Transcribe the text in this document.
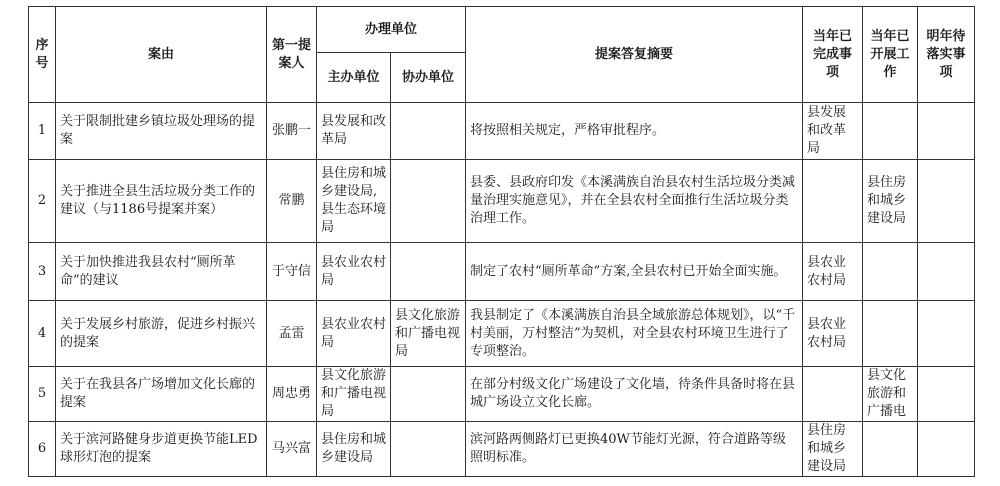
序号	案由	第一提案人	办理单位		提案答复摘要	当年已完成事项	当年已开展工作	明年待落实事项
			主办单位	协办单位				
1	关于限制批建乡镇垃圾处理场的提案	张鹏一	县发展和改革局		将按照相关规定，严格审批程序。	县发展和改革局		
2	关于推进全县生活垃圾分类工作的建议（与1186号提案并案）	常鹏	县住房和城乡建设局,县生态环境局		县委、县政府印发《本溪满族自治县农村生活垃圾分类减量治理实施意见》，并在全县农村全面推行生活垃圾分类治理工作。		县住房和城乡建设局	
3	关于加快推进我县农村“厕所革命”的建议	于守信	县农业农村局		制定了农村“厕所革命”方案,全县农村已开始全面实施。	县农业农村局		
4	关于发展乡村旅游，促进乡村振兴的提案	孟雷	县农业农村局	县文化旅游和广播电视局	我县制定了《本溪满族自治县全域旅游总体规划》，以“千村美丽，万村整洁”为契机，对全县农村环境卫生进行了专项整治。	县农业农村局		
5	关于在我县各广场增加文化长廊的提案	周忠勇	县文化旅游和广播电视局		在部分村级文化广场建设了文化墙，待条件具备时将在县城广场设立文化长廊。		县文化旅游和广播电	
6	关于滨河路健身步道更换节能LED球形灯泡的提案	马兴富	县住房和城乡建设局		滨河路两侧路灯已更换40W节能灯光源，符合道路等级照明标准。	县住房和城乡建设局		
